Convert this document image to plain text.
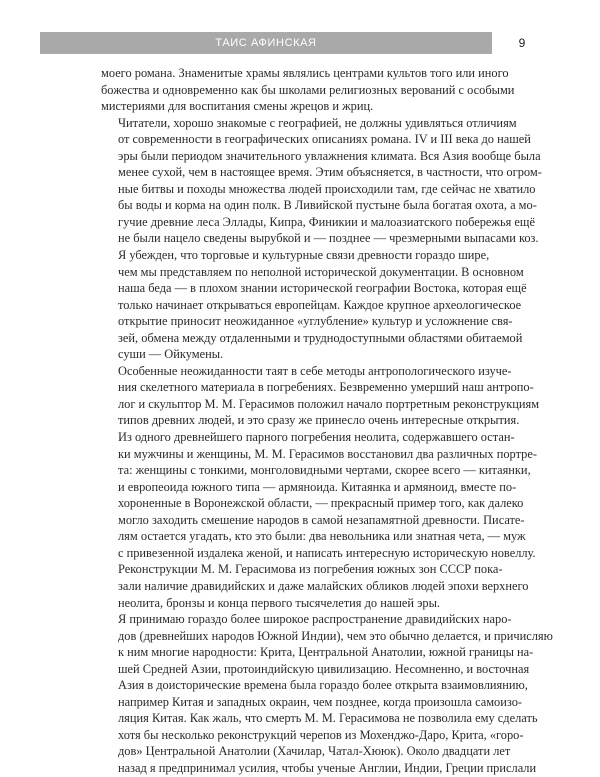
ТАИС АФИНСКАЯ	9

моего романа. Знаменитые храмы являлись центрами культов того или иного
божества и одновременно как бы школами религиозных верований с особыми
мистериями для воспитания смены жрецов и жриц.

Читатели, хорошо знакомые с географией, не должны удивляться отличиям
от современности в географических описаниях романа. IV и III века до нашей
эры были периодом значительного увлажнения климата. Вся Азия вообще была
менее сухой, чем в настоящее время. Этим объясняется, в частности, что огром-
ные битвы и походы множества людей происходили там, где сейчас не хватило
бы воды и корма на один полк. В Ливийской пустыне была богатая охота, а мо-
гучие древние леса Эллады, Кипра, Финикии и малоазиатского побережья ещё
не были нацело сведены вырубкой и — позднее — чрезмерными выпасами коз.

Я убежден, что торговые и культурные связи древности гораздо шире,
чем мы представляем по неполной исторической документации. В основном
наша беда — в плохом знании исторической географии Востока, которая ещё
только начинает открываться европейцам. Каждое крупное археологическое
открытие приносит неожиданное «углубление» культур и усложнение свя-
зей, обмена между отдаленными и труднодоступными областями обитаемой
суши — Ойкумены.

Особенные неожиданности таят в себе методы антропологического изуче-
ния скелетного материала в погребениях. Безвременно умерший наш антропо-
лог и скульптор М. М. Герасимов положил начало портретным реконструкциям
типов древних людей, и это сразу же принесло очень интересные открытия.

Из одного древнейшего парного погребения неолита, содержавшего остан-
ки мужчины и женщины, М. М. Герасимов восстановил два различных портре-
та: женщины с тонкими, монголовидными чертами, скорее всего — китаянки,
и европеоида южного типа — армяноида. Китаянка и армяноид, вместе по-
хороненные в Воронежской области, — прекрасный пример того, как далеко
могло заходить смешение народов в самой незапамятной древности. Писате-
лям остается угадать, кто это были: два невольника или знатная чета, — муж
с привезенной издалека женой, и написать интересную историческую новеллу.

Реконструкции М. М. Герасимова из погребения южных зон СССР пока-
зали наличие дравидийских и даже малайских обликов людей эпохи верхнего
неолита, бронзы и конца первого тысячелетия до нашей эры.

Я принимаю гораздо более широкое распространение дравидийских наро-
дов (древнейших народов Южной Индии), чем это обычно делается, и причисляю
к ним многие народности: Крита, Центральной Анатолии, южной границы на-
шей Средней Азии, протоиндийскую цивилизацию. Несомненно, и восточная
Азия в доисторические времена была гораздо более открыта взаимовлиянию,
например Китая и западных окраин, чем позднее, когда произошла самоизо-
ляция Китая. Как жаль, что смерть М. М. Герасимова не позволила ему сделать
хотя бы несколько реконструкций черепов из Мохенджо-Даро, Крита, «горо-
дов» Центральной Анатолии (Хачилар, Чатал-Хююк). Около двадцати лет
назад я предпринимал усилия, чтобы ученые Англии, Индии, Греции прислали
